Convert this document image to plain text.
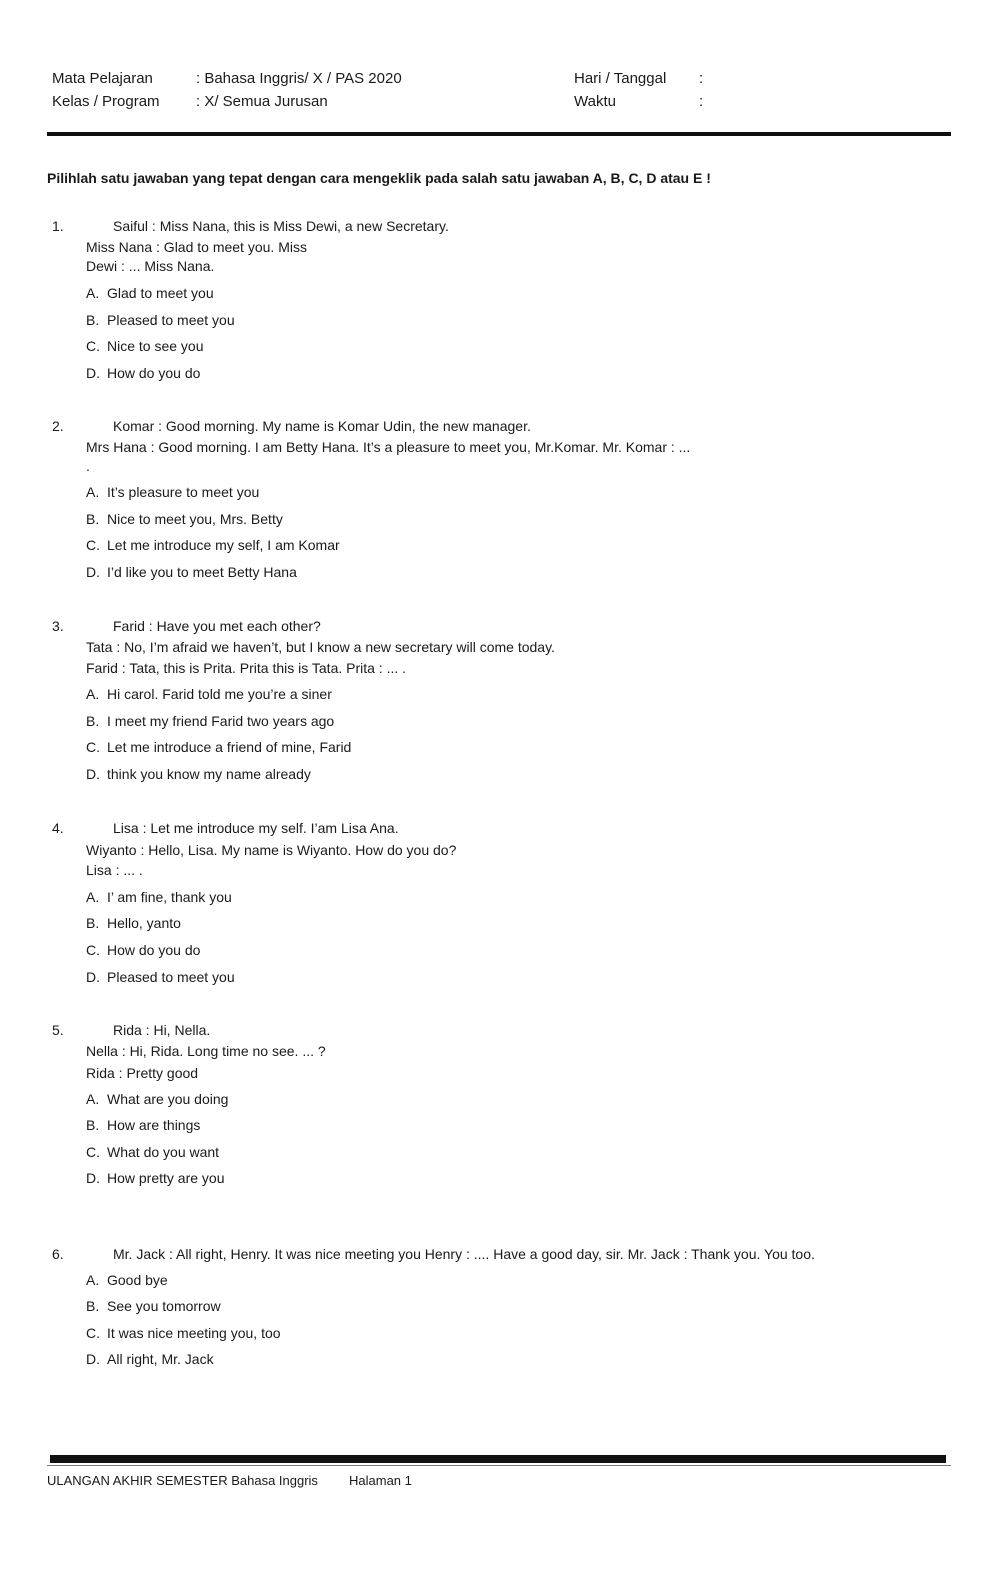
Mata Pelajaran	: Bahasa Inggris/ X / PAS 2020
Kelas / Program : X/ Semua Jurusan
Hari / Tanggal :
Waktu	:
Pilihlah satu jawaban yang tepat dengan cara mengeklik pada salah satu jawaban A, B, C, D atau E !
1.	Saiful : Miss Nana, this is Miss Dewi, a new Secretary.
Miss Nana : Glad to meet you. Miss
Dewi : ... Miss Nana.
A. Glad to meet you
B. Pleased to meet you
C. Nice to see you
D. How do you do
2.	Komar : Good morning. My name is Komar Udin, the new manager.
Mrs Hana : Good morning. I am Betty Hana. It’s a pleasure to meet you, Mr.Komar. Mr. Komar : ...
.
A. It’s pleasure to meet you
B. Nice to meet you, Mrs. Betty
C. Let me introduce my self, I am Komar
D. I’d like you to meet Betty Hana
3.	Farid : Have you met each other?
Tata : No, I’m afraid we haven’t, but I know a new secretary will come today.
Farid : Tata, this is Prita. Prita this is Tata. Prita : ... .
A. Hi carol. Farid told me you’re a siner
B. I meet my friend Farid two years ago
C. Let me introduce a friend of mine, Farid
D. think you know my name already
4.	Lisa : Let me introduce my self. I’am Lisa Ana.
Wiyanto : Hello, Lisa. My name is Wiyanto. How do you do?
Lisa : ... .
A. I’ am fine, thank you
B. Hello, yanto
C. How do you do
D. Pleased to meet you
5.	Rida : Hi, Nella.
Nella : Hi, Rida. Long time no see. ... ?
Rida : Pretty good
A. What are you doing
B. How are things
C. What do you want
D. How pretty are you
6.	Mr. Jack : All right, Henry. It was nice meeting you Henry : .... Have a good day, sir. Mr. Jack : Thank you. You too.
A. Good bye
B. See you tomorrow
C. It was nice meeting you, too
D. All right, Mr. Jack
ULANGAN AKHIR SEMESTER Bahasa Inggris Halaman 1
